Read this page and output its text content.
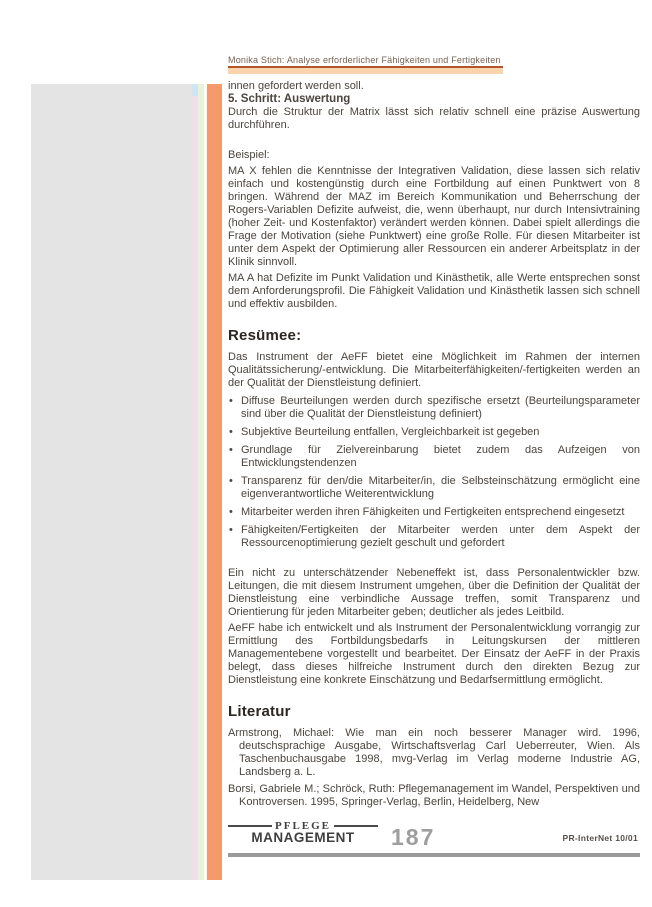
Monika Stich: Analyse erforderlicher Fähigkeiten und Fertigkeiten

innen gefordert werden soll.

5. Schritt: Auswertung

Durch die Struktur der Matrix lässt sich relativ schnell eine präzise Auswertung durchführen.

Beispiel:

MA X fehlen die Kenntnisse der Integrativen Validation, diese lassen sich relativ einfach und kostengünstig durch eine Fortbildung auf einen Punktwert von 8 bringen. Während der MAZ im Bereich Kommunikation und Beherrschung der Rogers-Variablen Defizite aufweist, die, wenn überhaupt, nur durch Intensivtraining (hoher Zeit- und Kostenfaktor) verändert werden können. Dabei spielt allerdings die Frage der Motivation (siehe Punktwert) eine große Rolle. Für diesen Mitarbeiter ist unter dem Aspekt der Optimierung aller Ressourcen ein anderer Arbeitsplatz in der Klinik sinnvoll.

MA A hat Defizite im Punkt Validation und Kinästhetik, alle Werte entsprechen sonst dem Anforderungsprofil. Die Fähigkeit Validation und Kinästhetik lassen sich schnell und effektiv ausbilden.

Resümee:

Das Instrument der AeFF bietet eine Möglichkeit im Rahmen der internen Qualitätssicherung/-entwicklung. Die Mitarbeiterfähigkeiten/-fertigkeiten werden an der Qualität der Dienstleistung definiert.

• Diffuse Beurteilungen werden durch spezifische ersetzt (Beurteilungsparameter sind über die Qualität der Dienstleistung definiert)
• Subjektive Beurteilung entfallen, Vergleichbarkeit ist gegeben
• Grundlage für Zielvereinbarung bietet zudem das Aufzeigen von Entwicklungstendenzen
• Transparenz für den/die Mitarbeiter/in, die Selbsteinschätzung ermöglicht eine eigenverantwortliche Weiterentwicklung
• Mitarbeiter werden ihren Fähigkeiten und Fertigkeiten entsprechend eingesetzt
• Fähigkeiten/Fertigkeiten der Mitarbeiter werden unter dem Aspekt der Ressourcenoptimierung gezielt geschult und gefordert

Ein nicht zu unterschätzender Nebeneffekt ist, dass Personalentwickler bzw. Leitungen, die mit diesem Instrument umgehen, über die Definition der Qualität der Dienstleistung eine verbindliche Aussage treffen, somit Transparenz und Orientierung für jeden Mitarbeiter geben; deutlicher als jedes Leitbild.

AeFF habe ich entwickelt und als Instrument der Personalentwicklung vorrangig zur Ermittlung des Fortbildungsbedarfs in Leitungskursen der mittleren Managementebene vorgestellt und bearbeitet. Der Einsatz der AeFF in der Praxis belegt, dass dieses hilfreiche Instrument durch den direkten Bezug zur Dienstleistung eine konkrete Einschätzung und Bedarfsermittlung ermöglicht.

Literatur

Armstrong, Michael: Wie man ein noch besserer Manager wird. 1996, deutschsprachige Ausgabe, Wirtschaftsverlag Carl Ueberreuter, Wien. Als Taschenbuchausgabe 1998, mvg-Verlag im Verlag moderne Industrie AG, Landsberg a. L.

Borsi, Gabriele M.; Schröck, Ruth: Pflegemanagement im Wandel, Perspektiven und Kontroversen. 1995, Springer-Verlag, Berlin, Heidelberg, New

PFLEGE
MANAGEMENT	187	PR-InterNet 10/01
